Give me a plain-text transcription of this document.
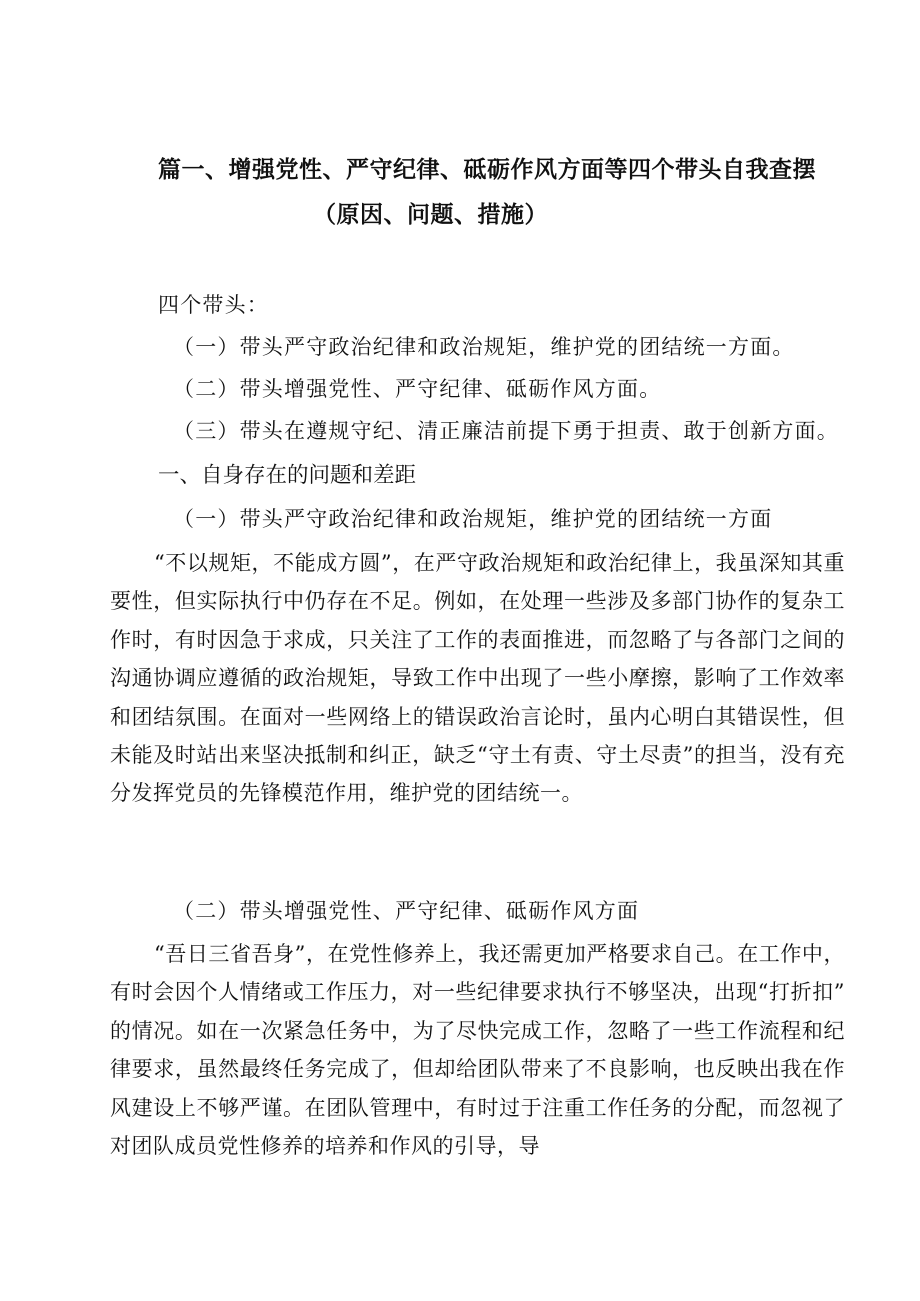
篇一、增强党性、严守纪律、砥砺作风方面等四个带头自我查摆
（原因、问题、措施）
四个带头：
（一）带头严守政治纪律和政治规矩，维护党的团结统一方面。
（二）带头增强党性、严守纪律、砥砺作风方面。
（三）带头在遵规守纪、清正廉洁前提下勇于担责、敢于创新方面。
一、自身存在的问题和差距
（一）带头严守政治纪律和政治规矩，维护党的团结统一方面
“不以规矩，不能成方圆”，在严守政治规矩和政治纪律上，我虽深知其重要性，但实际执行中仍存在不足。例如，在处理一些涉及多部门协作的复杂工作时，有时因急于求成，只关注了工作的表面推进，而忽略了与各部门之间的沟通协调应遵循的政治规矩，导致工作中出现了一些小摩擦，影响了工作效率和团结氛围。在面对一些网络上的错误政治言论时，虽内心明白其错误性，但未能及时站出来坚决抵制和纠正，缺乏“守土有责、守土尽责”的担当，没有充分发挥党员的先锋模范作用，维护党的团结统一。
（二）带头增强党性、严守纪律、砥砺作风方面
“吾日三省吾身”，在党性修养上，我还需更加严格要求自己。在工作中，有时会因个人情绪或工作压力，对一些纪律要求执行不够坚决，出现“打折扣”的情况。如在一次紧急任务中，为了尽快完成工作，忽略了一些工作流程和纪律要求，虽然最终任务完成了，但却给团队带来了不良影响，也反映出我在作风建设上不够严谨。在团队管理中，有时过于注重工作任务的分配，而忽视了对团队成员党性修养的培养和作风的引导，导
